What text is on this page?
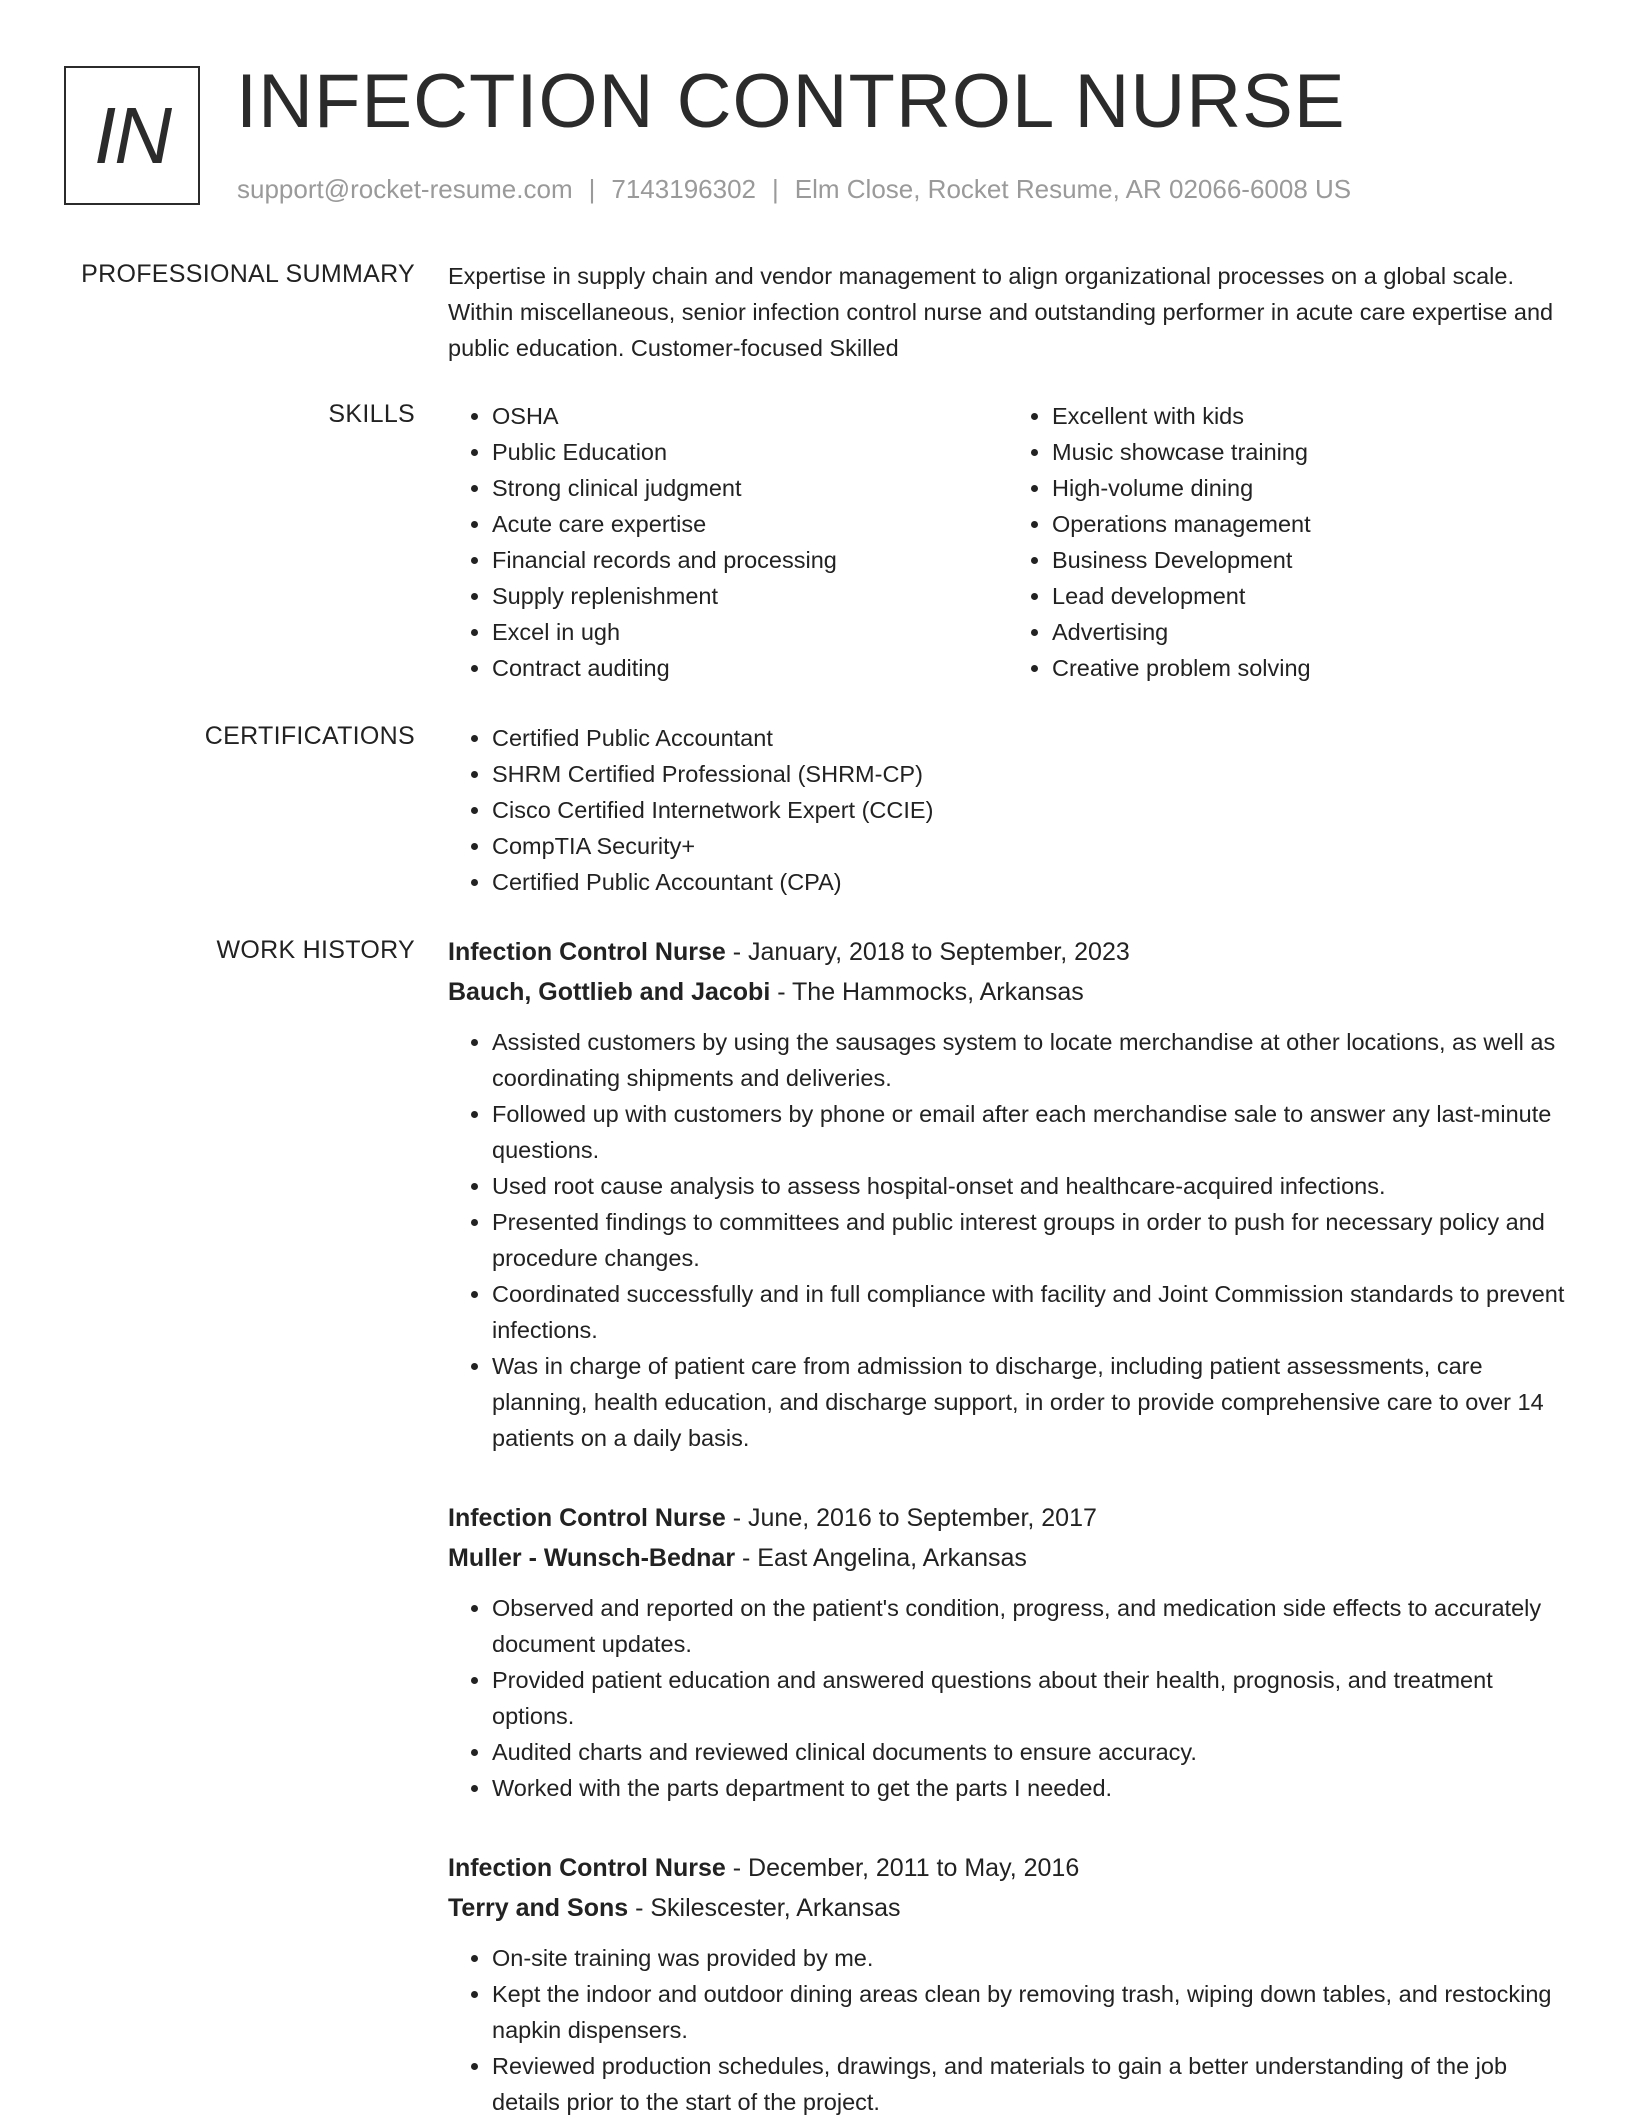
IN INFECTION CONTROL NURSE
support@rocket-resume.com | 7143196302 | Elm Close, Rocket Resume, AR 02066-6008 US
PROFESSIONAL SUMMARY Expertise in supply chain and vendor management to align organizational processes on a global scale. Within miscellaneous, senior infection control nurse and outstanding performer in acute care expertise and public education. Customer-focused Skilled

SKILLS	• OSHA
• Public Education
• Strong clinical judgment
• Acute care expertise
• Financial records and processing
• Supply replenishment
• Excel in ugh
• Contract auditing
• Excellent with kids
• Music showcase training
• High-volume dining
• Operations management
• Business Development
• Lead development
• Advertising
• Creative problem solving
CERTIFICATIONS	• Certified Public Accountant
• SHRM Certified Professional (SHRM-CP)
• Cisco Certified Internetwork Expert (CCIE)
• CompTIA Security+
• Certified Public Accountant (CPA)
WORK HISTORY Infection Control Nurse - January, 2018 to September, 2023
Bauch, Gottlieb and Jacobi - The Hammocks, Arkansas
• Assisted customers by using the sausages system to locate merchandise at other locations, as well as coordinating shipments and deliveries.
• Followed up with customers by phone or email after each merchandise sale to answer any last-minute questions.
• Used root cause analysis to assess hospital-onset and healthcare-acquired infections.
• Presented findings to committees and public interest groups in order to push for necessary policy and procedure changes.
• Coordinated successfully and in full compliance with facility and Joint Commission standards to prevent infections.
• Was in charge of patient care from admission to discharge, including patient assessments, care planning, health education, and discharge support, in order to provide comprehensive care to over 14 patients on a daily basis.
Infection Control Nurse - June, 2016 to September, 2017
Muller - Wunsch-Bednar - East Angelina, Arkansas
• Observed and reported on the patient's condition, progress, and medication side effects to accurately document updates.
• Provided patient education and answered questions about their health, prognosis, and treatment options.
• Audited charts and reviewed clinical documents to ensure accuracy.
• Worked with the parts department to get the parts I needed.
Infection Control Nurse - December, 2011 to May, 2016
Terry and Sons - Skilescester, Arkansas
• On-site training was provided by me.
• Kept the indoor and outdoor dining areas clean by removing trash, wiping down tables, and restocking napkin dispensers.
• Reviewed production schedules, drawings, and materials to gain a better understanding of the job details prior to the start of the project.
